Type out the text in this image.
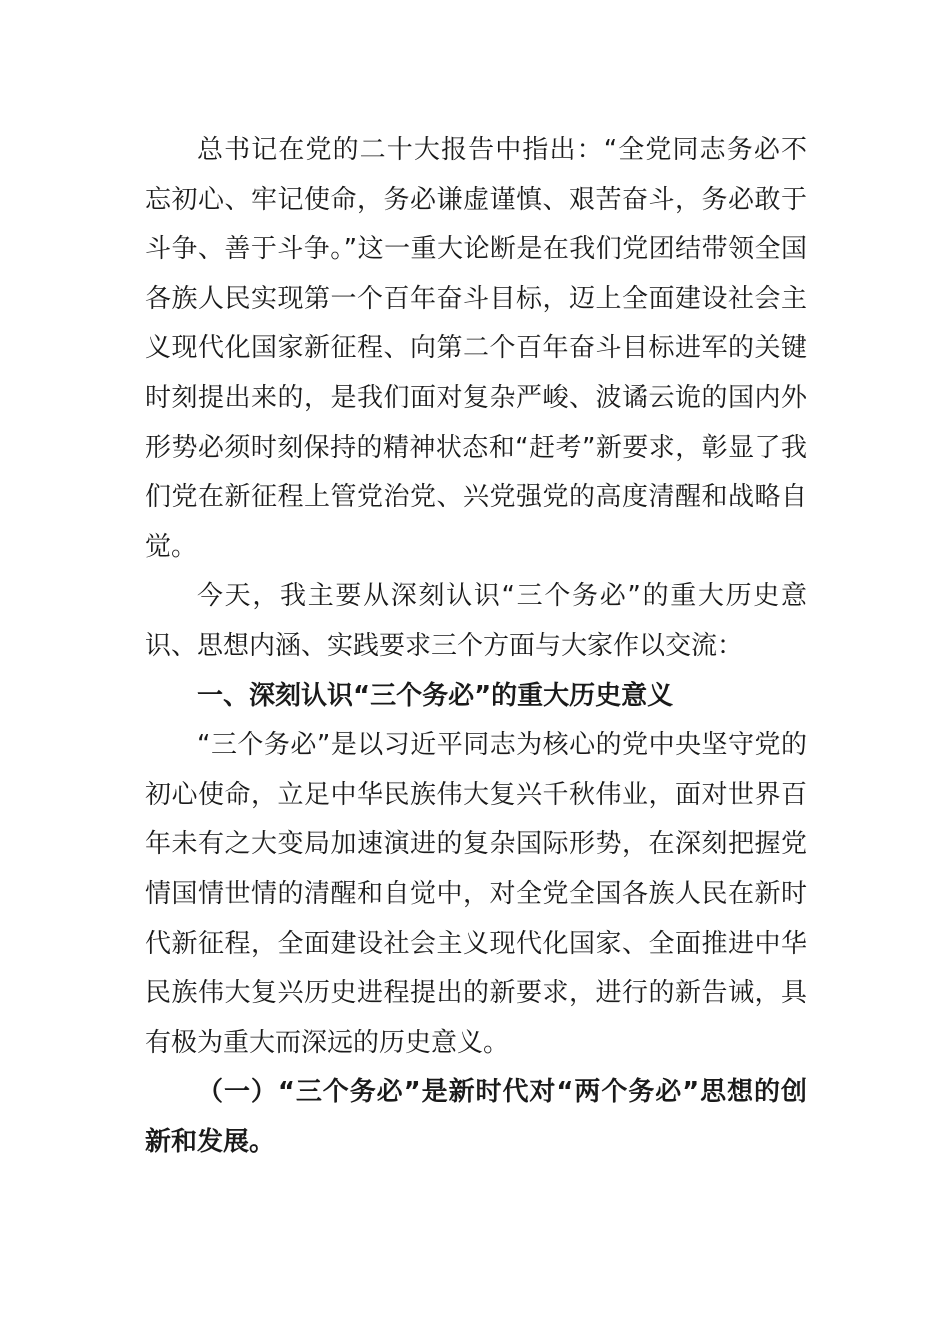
总书记在党的二十大报告中指出：“全党同志务必不忘初心、牢记使命，务必谦虚谨慎、艰苦奋斗，务必敢于斗争、善于斗争。”这一重大论断是在我们党团结带领全国各族人民实现第一个百年奋斗目标，迈上全面建设社会主义现代化国家新征程、向第二个百年奋斗目标进军的关键时刻提出来的，是我们面对复杂严峻、波谲云诡的国内外形势必须时刻保持的精神状态和“赶考”新要求，彰显了我们党在新征程上管党治党、兴党强党的高度清醒和战略自觉。

今天，我主要从深刻认识“三个务必”的重大历史意识、思想内涵、实践要求三个方面与大家作以交流：

一、深刻认识“三个务必”的重大历史意义

“三个务必”是以习近平同志为核心的党中央坚守党的初心使命，立足中华民族伟大复兴千秋伟业，面对世界百年未有之大变局加速演进的复杂国际形势，在深刻把握党情国情世情的清醒和自觉中，对全党全国各族人民在新时代新征程，全面建设社会主义现代化国家、全面推进中华民族伟大复兴历史进程提出的新要求，进行的新告诫，具有极为重大而深远的历史意义。

（一）“三个务必”是新时代对“两个务必”思想的创新和发展。
